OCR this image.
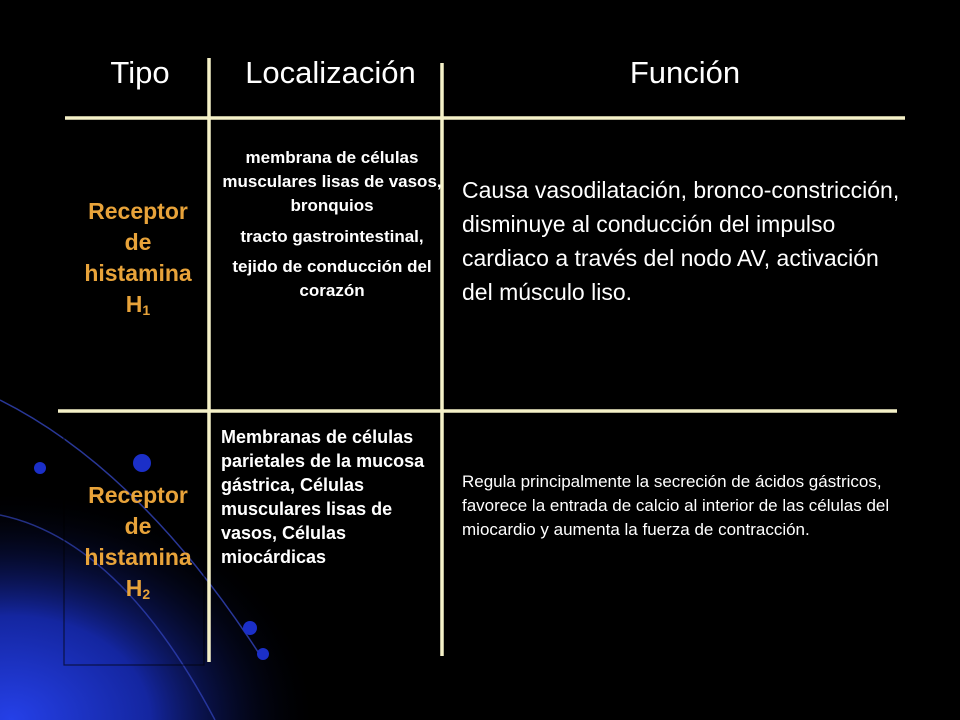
Tipo	Localización	Función
Receptor
de
histamina
$H_1$

membrana de células musculares lisas de vasos, bronquios

tracto gastrointestinal,

tejido de conducción del corazón

Causa vasodilatación, bronco-constricción, disminuye al conducción del impulso cardiaco a través del nodo AV, activación del músculo liso.
Receptor
de
histamina
$H_2$
Membranas de células parietales de la mucosa gástrica, Células musculares lisas de vasos, Células miocárdicas
Regula principalmente la secreción de ácidos gástricos, favorece la entrada de calcio al interior de las células del miocardio y aumenta la fuerza de contracción.
